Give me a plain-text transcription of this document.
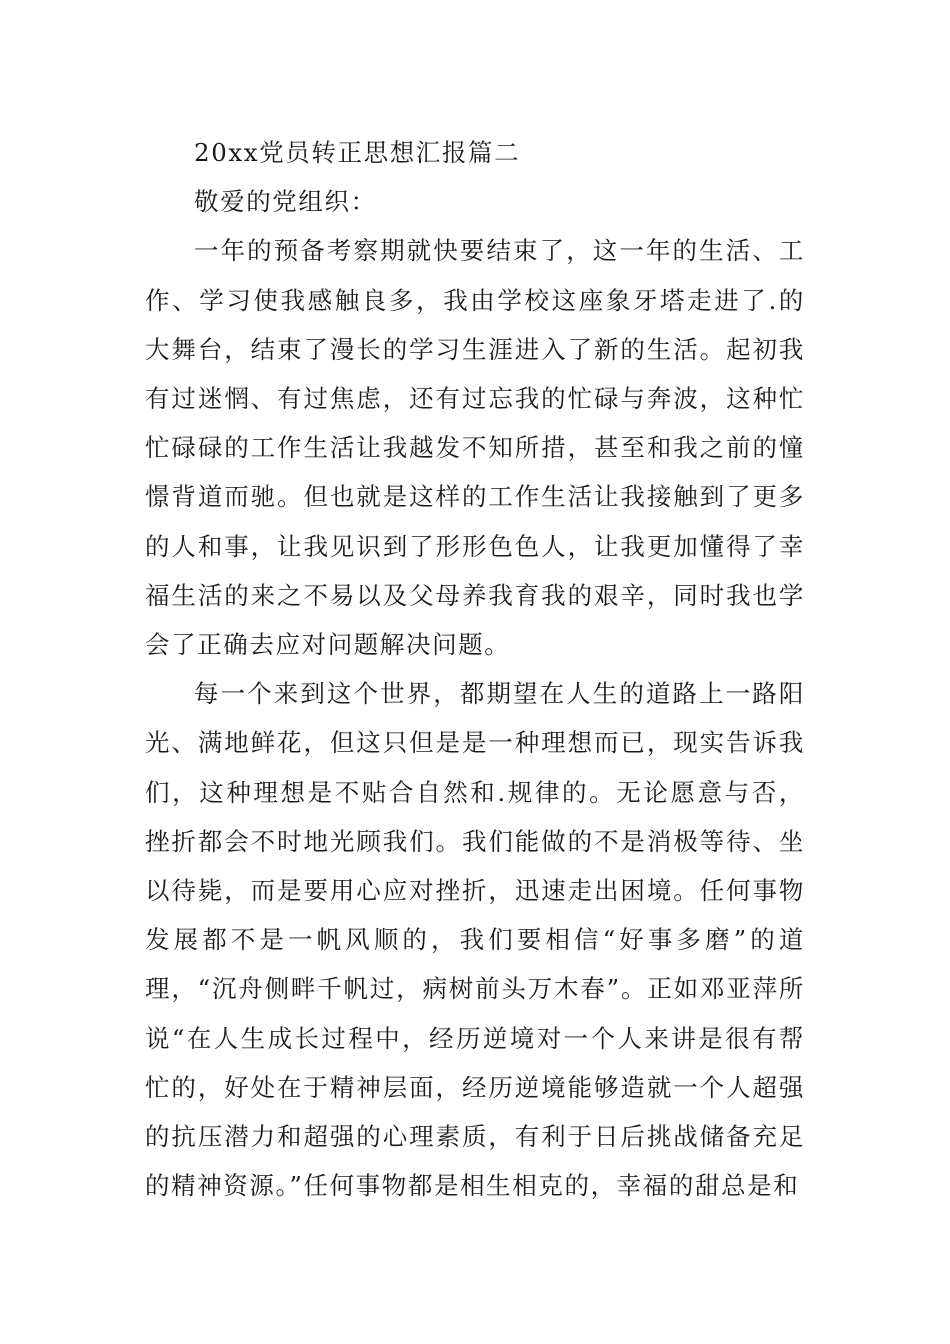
20xx党员转正思想汇报篇二

敬爱的党组织：

一年的预备考察期就快要结束了，这一年的生活、工作、学习使我感触良多，我由学校这座象牙塔走进了.的大舞台，结束了漫长的学习生涯进入了新的生活。起初我有过迷惘、有过焦虑，还有过忘我的忙碌与奔波，这种忙忙碌碌的工作生活让我越发不知所措，甚至和我之前的憧憬背道而驰。但也就是这样的工作生活让我接触到了更多的人和事，让我见识到了形形色色人，让我更加懂得了幸福生活的来之不易以及父母养我育我的艰辛，同时我也学会了正确去应对问题解决问题。

每一个来到这个世界，都期望在人生的道路上一路阳光、满地鲜花，但这只但是是一种理想而已，现实告诉我们，这种理想是不贴合自然和.规律的。无论愿意与否，挫折都会不时地光顾我们。我们能做的不是消极等待、坐以待毙，而是要用心应对挫折，迅速走出困境。任何事物发展都不是一帆风顺的，我们要相信“好事多磨”的道理，“沉舟侧畔千帆过，病树前头万木春”。正如邓亚萍所说“在人生成长过程中，经历逆境对一个人来讲是很有帮忙的，好处在于精神层面，经历逆境能够造就一个人超强的抗压潜力和超强的心理素质，有利于日后挑战储备充足的精神资源。”任何事物都是相生相克的，幸福的甜总是和
